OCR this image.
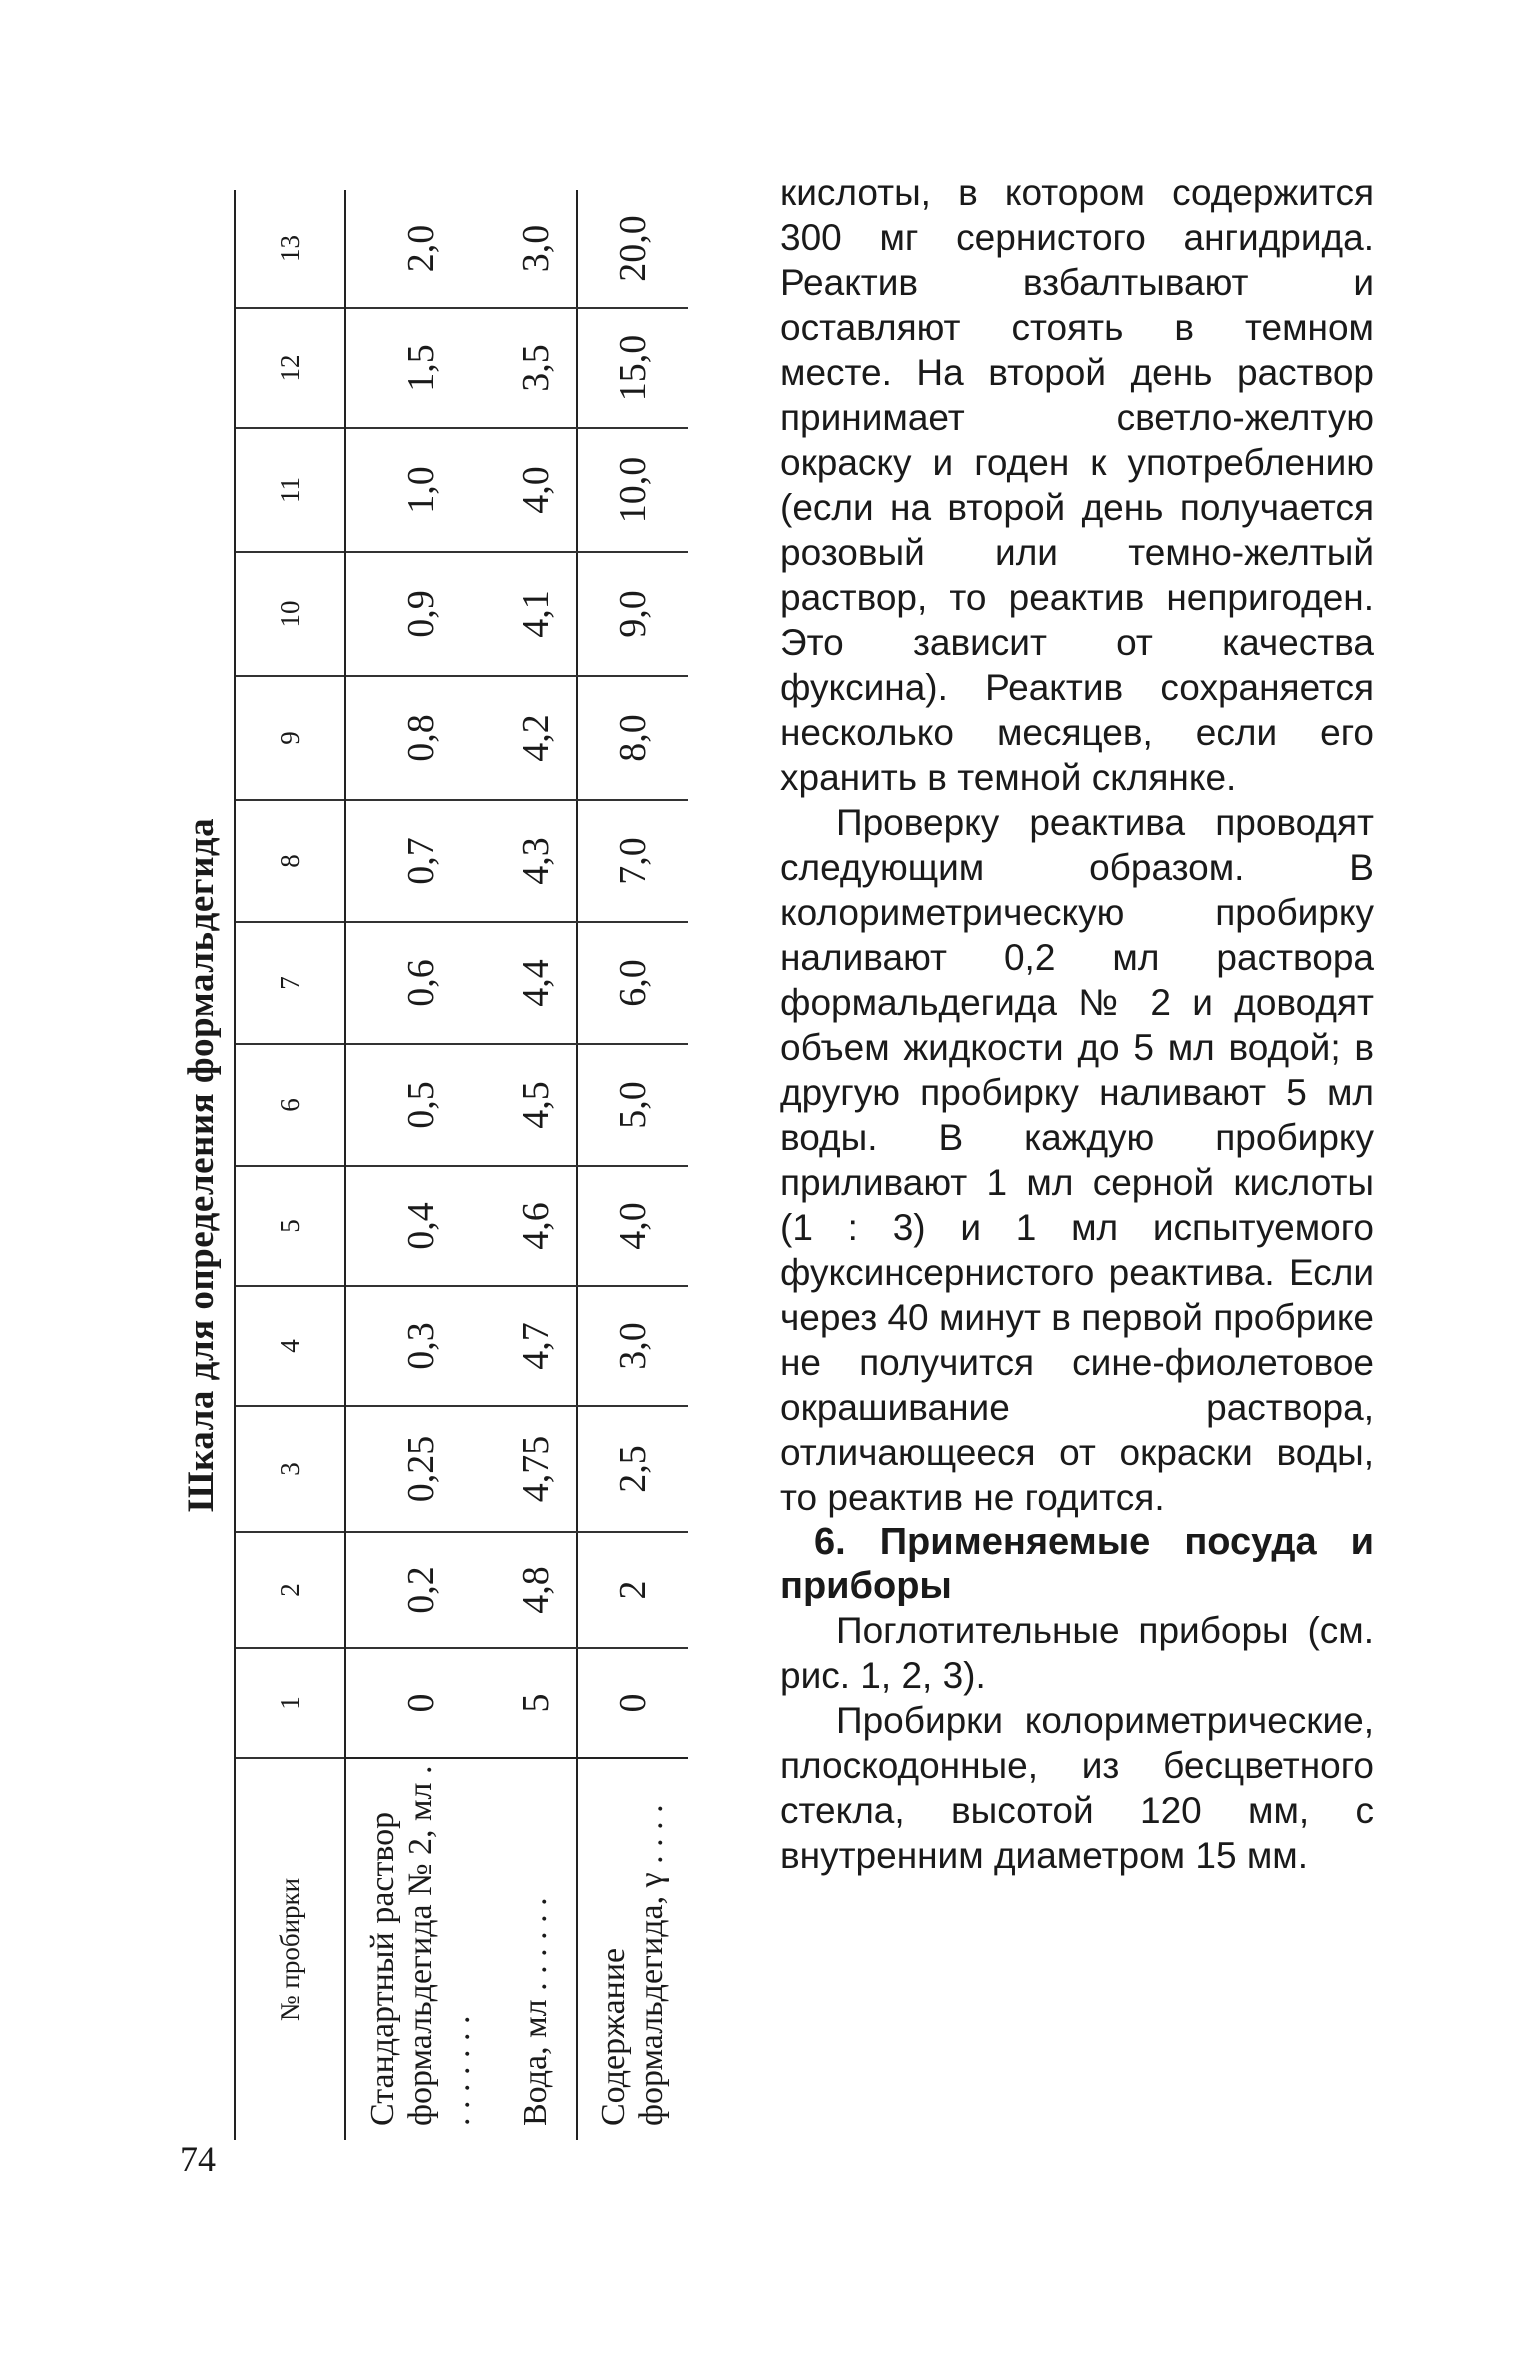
Шкала для определения формальдегида
№ пробирки	1	2	3	4	5	6	7	8	9	10	11	12	13
Стандартный раствор формальдегида № 2, мл . . . . . . . .	0	0,2	0,25	0,3	0,4	0,5	0,6	0,7	0,8	0,9	1,0	1,5	2,0
Вода, мл . . . . . .	5	4,8	4,75	4,7	4,6	4,5	4,4	4,3	4,2	4,1	4,0	3,5	3,0
Содержание формальдегида, γ . . . .	0	2	2,5	3,0	4,0	5,0	6,0	7,0	8,0	9,0	10,0	15,0	20,0
74

кислоты, в котором содержится 300 мг сернистого ангидрида. Реактив взбалтывают и оставляют стоять в темном месте. На второй день раствор принимает светло-желтую окраску и годен к употреблению (если на второй день получается розовый или темно-желтый раствор, то реактив непригоден. Это зависит от качества фуксина). Реактив сохраняется несколько месяцев, если его хранить в темной склянке.

Проверку реактива проводят следующим образом. В колориметрическую пробирку наливают 0,2 мл раствора формальдегида № 2 и доводят объем жидкости до 5 мл водой; в другую пробирку наливают 5 мл воды. В каждую пробирку приливают 1 мл серной кислоты (1 : 3) и 1 мл испытуемого фуксинсернистого реактива. Если через 40 минут в первой пробрике не получится сине-фиолетовое окрашивание раствора, отличающееся от окраски воды, то реактив не годится.

6. Применяемые посуда и приборы

Поглотительные приборы (см. рис. 1, 2, 3).

Пробирки колориметрические, плоскодонные, из бесцветного стекла, высотой 120 мм, с внутренним диаметром 15 мм.
